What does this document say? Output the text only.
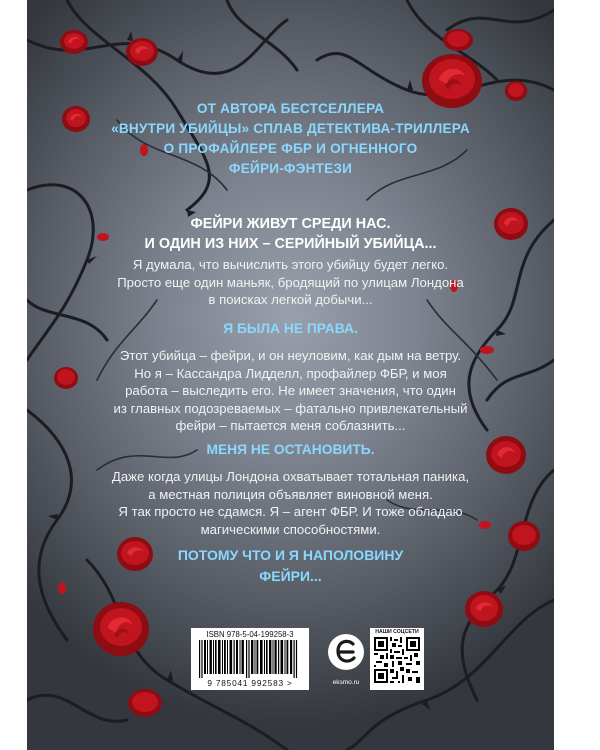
ОТ АВТОРА БЕСТСЕЛЛЕРА
«ВНУТРИ УБИЙЦЫ» СПЛАВ ДЕТЕКТИВА-ТРИЛЛЕРА
О ПРОФАЙЛЕРЕ ФБР И ОГНЕННОГО
ФЕЙРИ-ФЭНТЕЗИ
ФЕЙРИ ЖИВУТ СРЕДИ НАС.
И ОДИН ИЗ НИХ – СЕРИЙНЫЙ УБИЙЦА...
Я думала, что вычислить этого убийцу будет легко.
Просто еще один маньяк, бродящий по улицам Лондона
в поисках легкой добычи...
Я БЫЛА НЕ ПРАВА.
Этот убийца – фейри, и он неуловим, как дым на ветру.
Но я – Кассандра Лидделл, профайлер ФБР, и моя
работа – выследить его. Не имеет значения, что один
из главных подозреваемых – фатально привлекательный
фейри – пытается меня соблазнить...
МЕНЯ НЕ ОСТАНОВИТЬ.
Даже когда улицы Лондона охватывает тотальная паника,
а местная полиция объявляет виновной меня.
Я так просто не сдамся. Я – агент ФБР. И тоже обладаю
магическими способностями.
ПОТОМУ ЧТО И Я НАПОЛОВИНУ
ФЕЙРИ...
ISBN 978-5-04-199258-3
9 785041 992583 >	eksmo.ru
НАШИ СОЦСЕТИ
